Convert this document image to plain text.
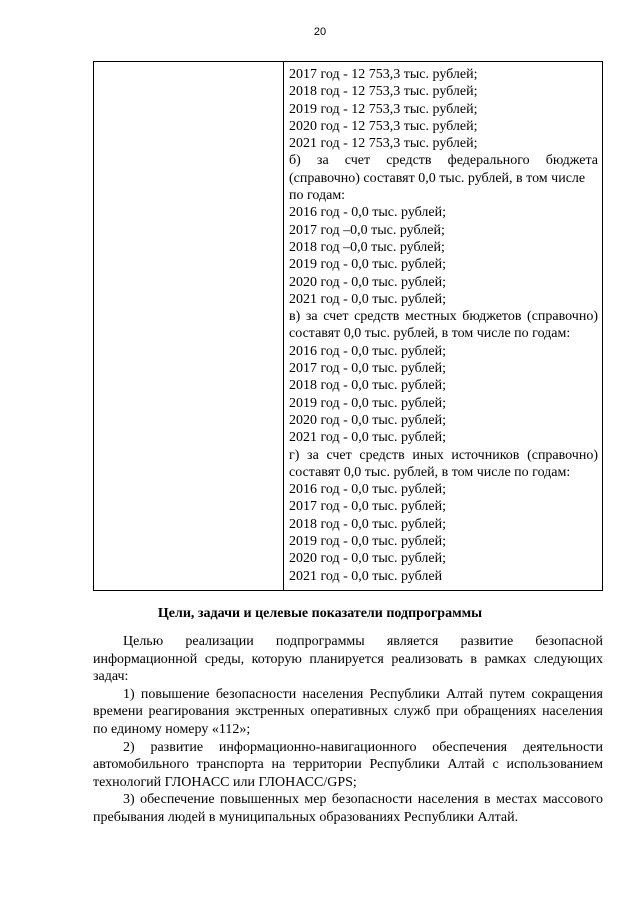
20
2017 год - 12 753,3 тыс. рублей;
2018 год - 12 753,3 тыс. рублей;
2019 год - 12 753,3 тыс. рублей;
2020 год - 12 753,3 тыс. рублей;
2021 год - 12 753,3 тыс. рублей;
б) за счет средств федерального бюджета
(справочно) составят 0,0 тыс. рублей, в том числе
по годам:
2016 год - 0,0 тыс. рублей;
2017 год –0,0 тыс. рублей;
2018 год –0,0 тыс. рублей;
2019 год - 0,0 тыс. рублей;
2020 год - 0,0 тыс. рублей;
2021 год - 0,0 тыс. рублей;
в) за счет средств местных бюджетов (справочно)
составят 0,0 тыс. рублей, в том числе по годам:
2016 год - 0,0 тыс. рублей;
2017 год - 0,0 тыс. рублей;
2018 год - 0,0 тыс. рублей;
2019 год - 0,0 тыс. рублей;
2020 год - 0,0 тыс. рублей;
2021 год - 0,0 тыс. рублей;
г) за счет средств иных источников (справочно)
составят 0,0 тыс. рублей, в том числе по годам:
2016 год - 0,0 тыс. рублей;
2017 год - 0,0 тыс. рублей;
2018 год - 0,0 тыс. рублей;
2019 год - 0,0 тыс. рублей;
2020 год - 0,0 тыс. рублей;
2021 год - 0,0 тыс. рублей
Цели, задачи и целевые показатели подпрограммы

Целью реализации подпрограммы является развитие безопасной информационной среды, которую планируется реализовать в рамках следующих задач:

1) повышение безопасности населения Республики Алтай путем сокращения времени реагирования экстренных оперативных служб при обращениях населения по единому номеру «112»;

2) развитие информационно-навигационного обеспечения деятельности автомобильного транспорта на территории Республики Алтай с использованием технологий ГЛОНАСС или ГЛОНАСС/GPS;

3) обеспечение повышенных мер безопасности населения в местах массового пребывания людей в муниципальных образованиях Республики Алтай.
